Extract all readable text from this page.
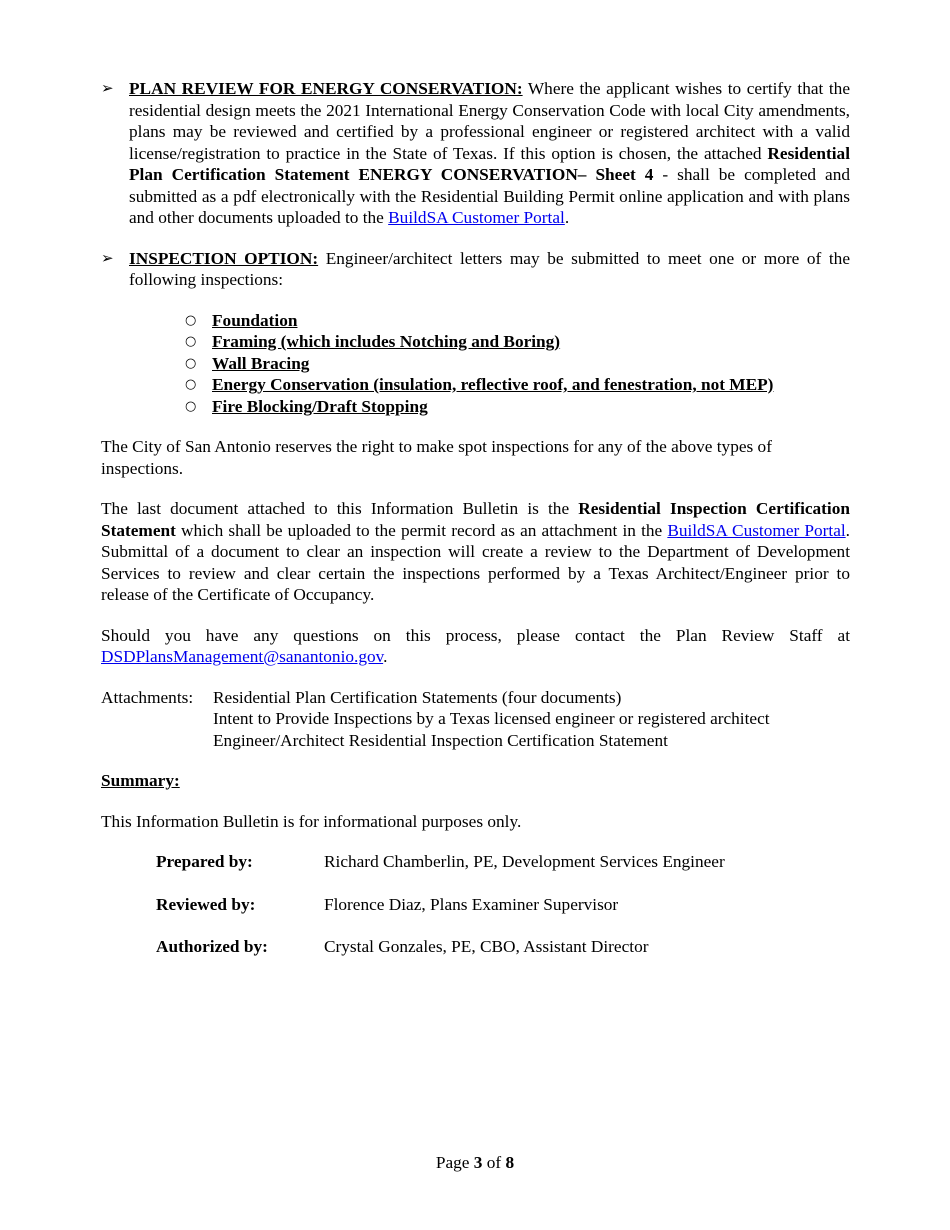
➢ PLAN REVIEW FOR ENERGY CONSERVATION: Where the applicant wishes to certify that the residential design meets the 2021 International Energy Conservation Code with local City amendments, plans may be reviewed and certified by a professional engineer or registered architect with a valid license/registration to practice in the State of Texas. If this option is chosen, the attached Residential Plan Certification Statement ENERGY CONSERVATION– Sheet 4 - shall be completed and submitted as a pdf electronically with the Residential Building Permit online application and with plans and other documents uploaded to the BuildSA Customer Portal.
➢ INSPECTION OPTION: Engineer/architect letters may be submitted to meet one or more of the following inspections:
○ Foundation
○ Framing (which includes Notching and Boring)
○ Wall Bracing
○ Energy Conservation (insulation, reflective roof, and fenestration, not MEP)
○ Fire Blocking/Draft Stopping
The City of San Antonio reserves the right to make spot inspections for any of the above types of inspections.
The last document attached to this Information Bulletin is the Residential Inspection Certification Statement which shall be uploaded to the permit record as an attachment in the BuildSA Customer Portal. Submittal of a document to clear an inspection will create a review to the Department of Development Services to review and clear certain the inspections performed by a Texas Architect/Engineer prior to release of the Certificate of Occupancy.
Should you have any questions on this process, please contact the Plan Review Staff at DSDPlansManagement@sanantonio.gov.
Attachments:	Residential Plan Certification Statements (four documents)
Intent to Provide Inspections by a Texas licensed engineer or registered architect
Engineer/Architect Residential Inspection Certification Statement
Summary:
This Information Bulletin is for informational purposes only.
Prepared by:	Richard Chamberlin, PE, Development Services Engineer
Reviewed by:	Florence Diaz, Plans Examiner Supervisor
Authorized by:	Crystal Gonzales, PE, CBO, Assistant Director
Page 3 of 8
